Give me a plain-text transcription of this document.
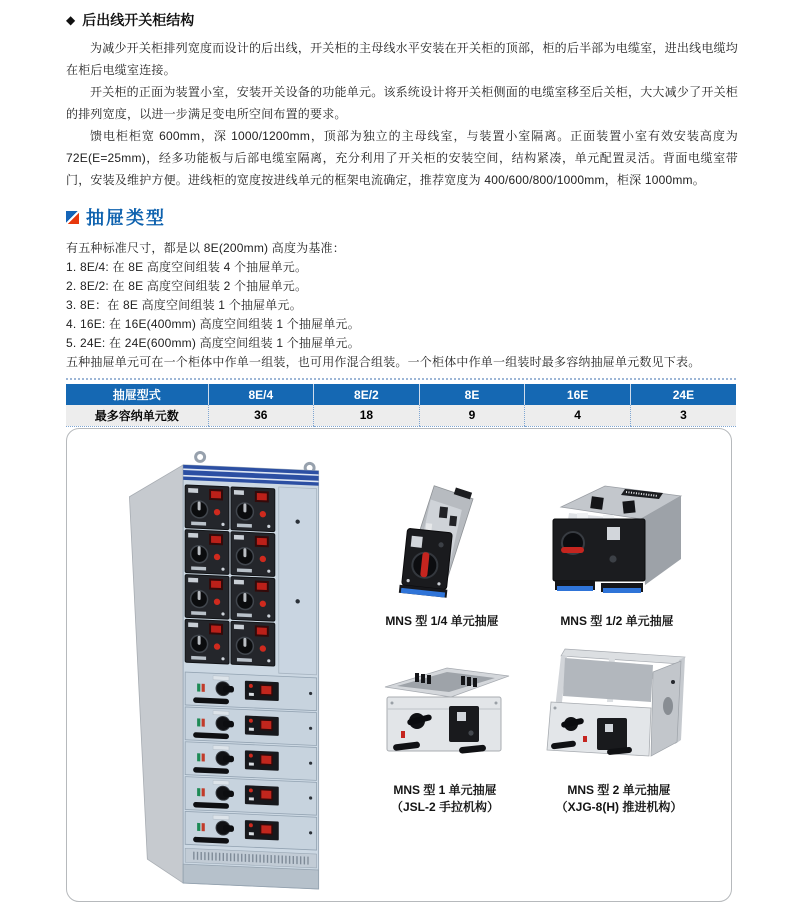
◆ 后出线开关柜结构

为减少开关柜排列宽度而设计的后出线，开关柜的主母线水平安装在开关柜的顶部，柜的后半部为电缆室，进出线电缆均在柜后电缆室连接。

开关柜的正面为装置小室，安装开关设备的功能单元。该系统设计将开关柜侧面的电缆室移至后关柜，大大减少了开关柜的排列宽度，以进一步满足变电所空间布置的要求。

馈电柜柜宽 600mm，深 1000/1200mm，顶部为独立的主母线室，与装置小室隔离。正面装置小室有效安装高度为 72E(E=25mm)，经多功能板与后部电缆室隔离，充分利用了开关柜的安装空间，结构紧凑，单元配置灵活。背面电缆室带门，安装及维护方便。进线柜的宽度按进线单元的框架电流确定，推荐宽度为 400/600/800/1000mm，柜深 1000mm。

抽屉类型
有五种标准尺寸，都是以 8E(200mm) 高度为基准：
1. 8E/4: 在 8E 高度空间组装 4 个抽屉单元。
2. 8E/2: 在 8E 高度空间组装 2 个抽屉单元。
3. 8E：在 8E 高度空间组装 1 个抽屉单元。
4. 16E: 在 16E(400mm) 高度空间组装 1 个抽屉单元。
5. 24E: 在 24E(600mm) 高度空间组装 1 个抽屉单元。
五种抽屉单元可在一个柜体中作单一组装，也可用作混合组装。一个柜体中作单一组装时最多容纳抽屉单元数见下表。
抽屉型式	8E/4	8E/2	8E	16E	24E
最多容纳单元数	36	18	9	4	3
MNS 型 1/4 单元抽屉	MNS 型 1/2 单元抽屉
MNS 型 1 单元抽屉
（JSL-2 手拉机构）
MNS 型 2 单元抽屉
（XJG-8(H) 推进机构）
